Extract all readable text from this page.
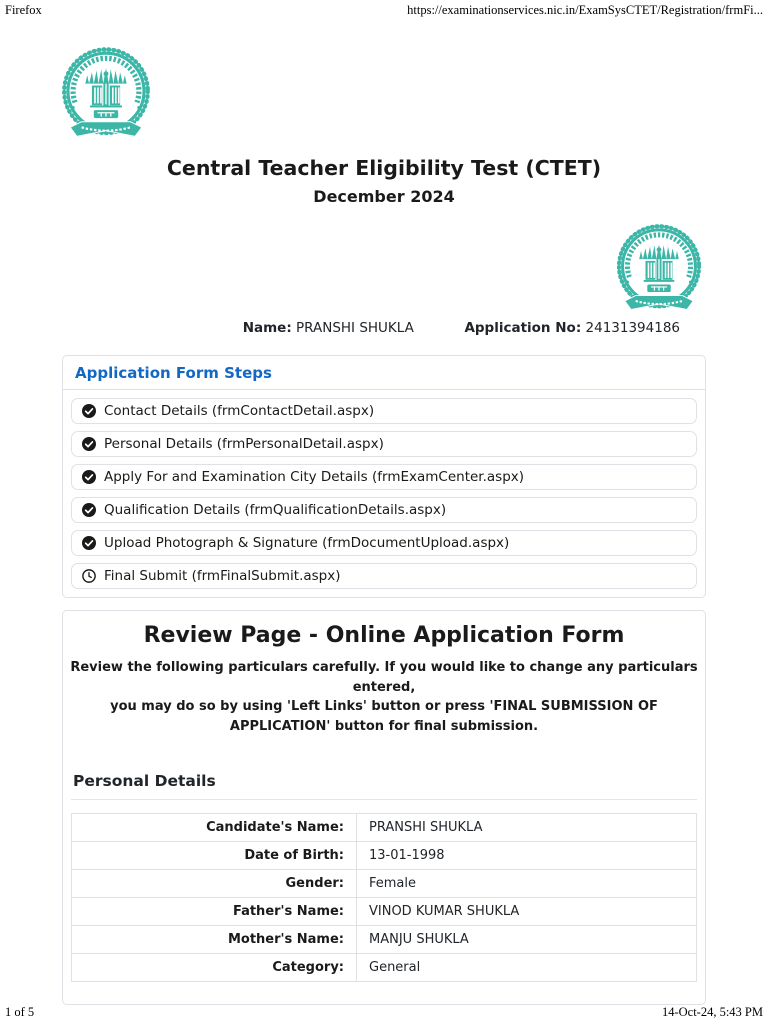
Firefox	https://examinationservices.nic.in/ExamSysCTET/Registration/frmFi...
Central Teacher Eligibility Test (CTET)
December 2024
Name: PRANSHI SHUKLA	Application No: 24131394186
Application Form Steps
Contact Details (frmContactDetail.aspx)
Personal Details (frmPersonalDetail.aspx)
Apply For and Examination City Details (frmExamCenter.aspx)
Qualification Details (frmQualificationDetails.aspx)
Upload Photograph & Signature (frmDocumentUpload.aspx)
Final Submit (frmFinalSubmit.aspx)
Review Page - Online Application Form
Review the following particulars carefully. If you would like to change any particulars entered,
you may do so by using 'Left Links' button or press 'FINAL SUBMISSION OF APPLICATION' button for final submission.
Personal Details
Candidate's Name:	PRANSHI SHUKLA
Date of Birth:	13-01-1998
Gender:	Female
Father's Name:	VINOD KUMAR SHUKLA
Mother's Name:	MANJU SHUKLA
Category:	General
1 of 5	14-Oct-24, 5:43 PM
